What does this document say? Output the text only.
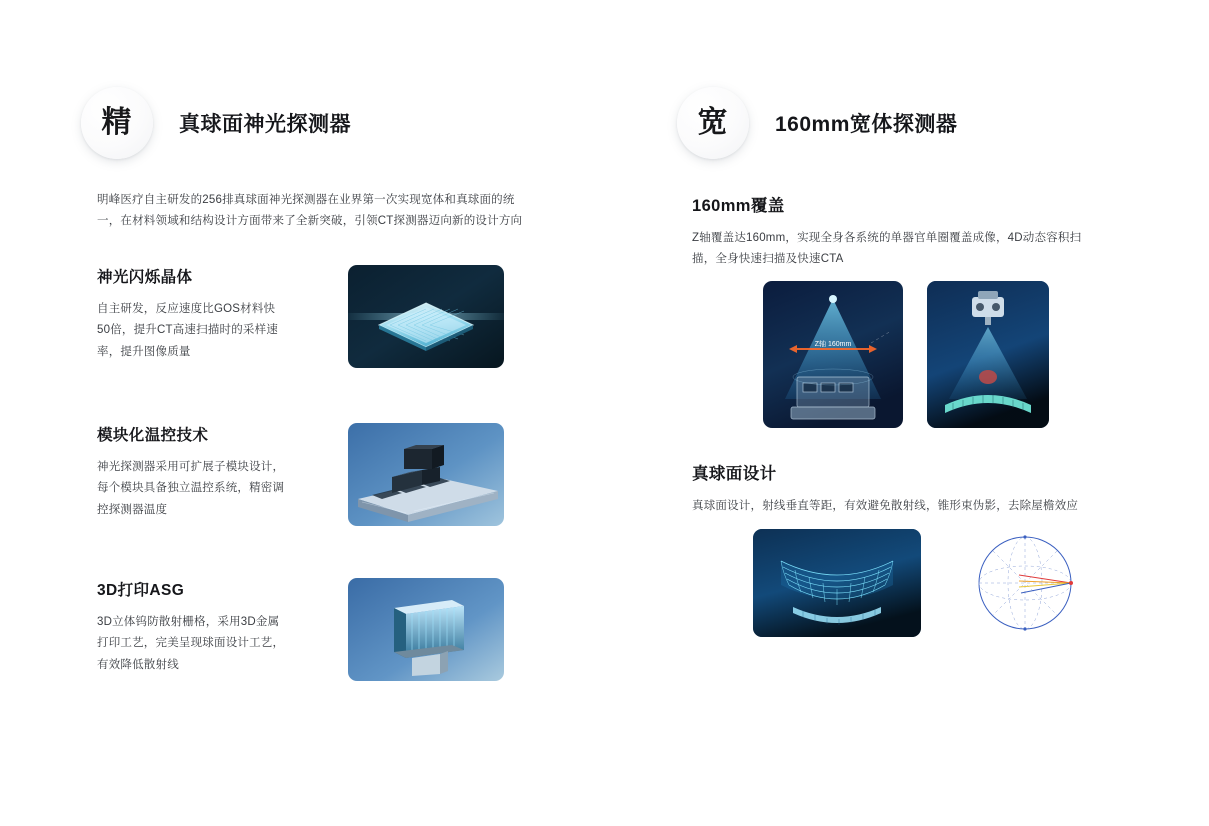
精 真球面神光探测器
明峰医疗自主研发的256排真球面神光探测器在业界第一次实现宽体和真球面的统一，在材料领域和结构设计方面带来了全新突破，引领CT探测器迈向新的设计方向
神光闪烁晶体

自主研发，反应速度比GOS材料快50倍，提升CT高速扫描时的采样速率，提升图像质量

模块化温控技术

神光探测器采用可扩展子模块设计，每个模块具备独立温控系统，精密调控探测器温度

3D打印ASG

3D立体钨防散射栅格，采用3D金属打印工艺，完美呈现球面设计工艺，有效降低散射线

宽 160mm宽体探测器
160mm覆盖

Z轴覆盖达160mm，实现全身各系统的单器官单圈覆盖成像，4D动态容积扫描，全身快速扫描及快速CTA

Z轴 160mm
真球面设计

真球面设计，射线垂直等距，有效避免散射线，锥形束伪影，去除屋檐效应
